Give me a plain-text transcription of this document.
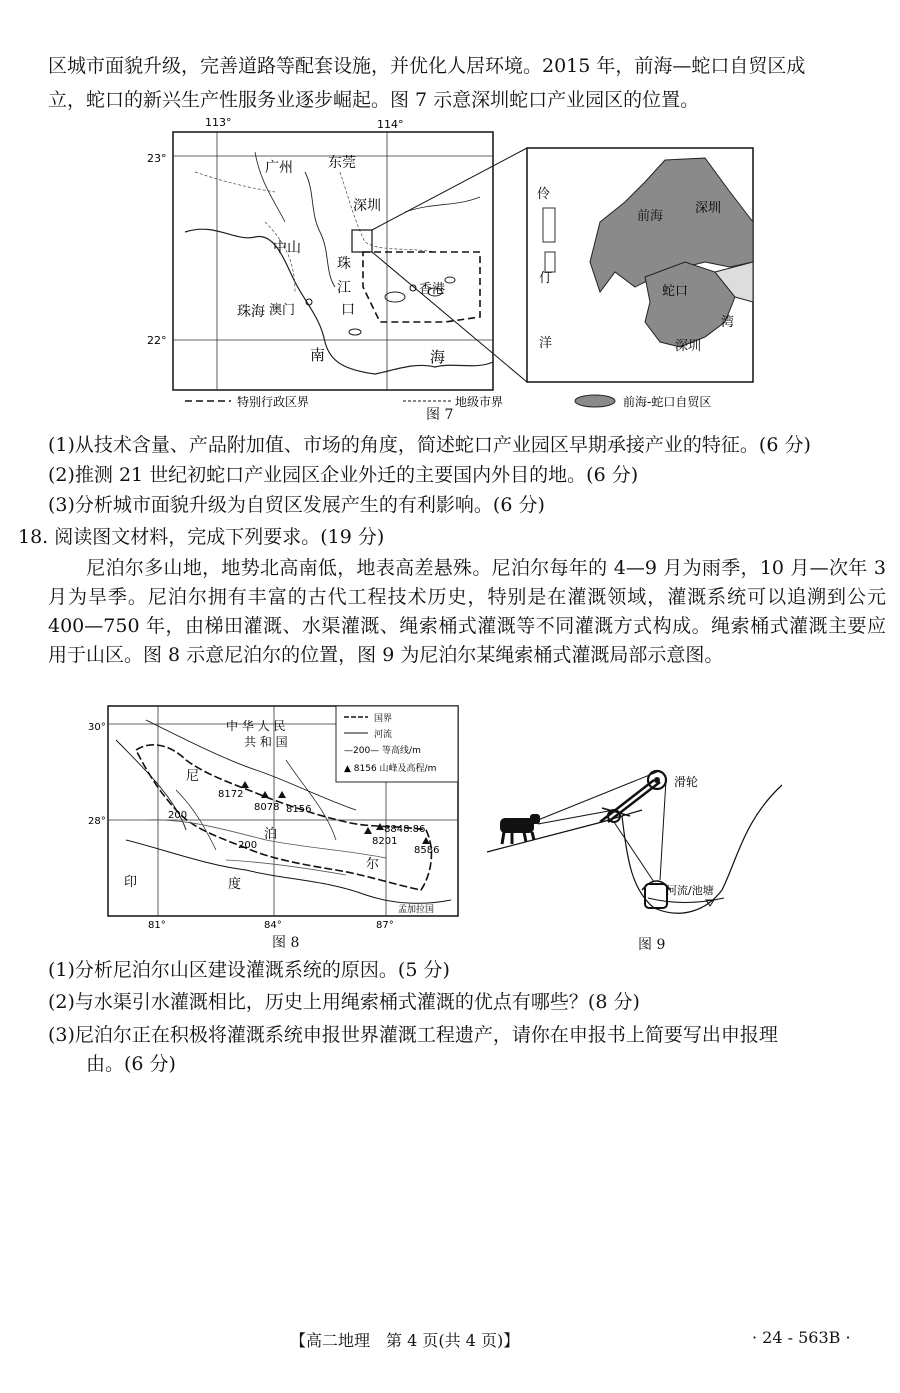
区城市面貌升级，完善道路等配套设施，并优化人居环境。2015 年，前海—蛇口自贸区成
立，蛇口的新兴生产性服务业逐步崛起。图 7 示意深圳蛇口产业园区的位置。
113°	114°
23°
22°
广州	东莞
深圳
中山
珠
江
口
珠海 澳门
香港
南	海
伶
仃
洋
前海
深圳
蛇口
湾
深圳
特别行政区界	地级市界	前海-蛇口自贸区
图 7
(1)从技术含量、产品附加值、市场的角度，简述蛇口产业园区早期承接产业的特征。(6 分)
(2)推测 21 世纪初蛇口产业园区企业外迁的主要国内外目的地。(6 分)
(3)分析城市面貌升级为自贸区发展产生的有利影响。(6 分)
18. 阅读图文材料，完成下列要求。(19 分)
尼泊尔多山地，地势北高南低，地表高差悬殊。尼泊尔每年的 4—9 月为雨季，10 月—次年 3 月为旱季。尼泊尔拥有丰富的古代工程技术历史，特别是在灌溉领域，灌溉系统可以追溯到公元 400—750 年，由梯田灌溉、水渠灌溉、绳索桶式灌溉等不同灌溉方式构成。绳索桶式灌溉主要应用于山区。图 8 示意尼泊尔的位置，图 9 为尼泊尔某绳索桶式灌溉局部示意图。
30°
28°
81°	84°	87°
200
200
中 华 人 民
共 和 国
尼
泊
尔
印	度
孟加拉国
8172
8078 8156
8848.86
8201
8586
国界
河流
—200— 等高线/m
▲ 8156 山峰及高程/m
图 8
滑轮
河流/池塘
图 9
(1)分析尼泊尔山区建设灌溉系统的原因。(5 分)
(2)与水渠引水灌溉相比，历史上用绳索桶式灌溉的优点有哪些？(8 分)
(3)尼泊尔正在积极将灌溉系统申报世界灌溉工程遗产，请你在申报书上简要写出申报理
由。(6 分)
【高二地理　第 4 页(共 4 页)】	· 24 - 563B ·
